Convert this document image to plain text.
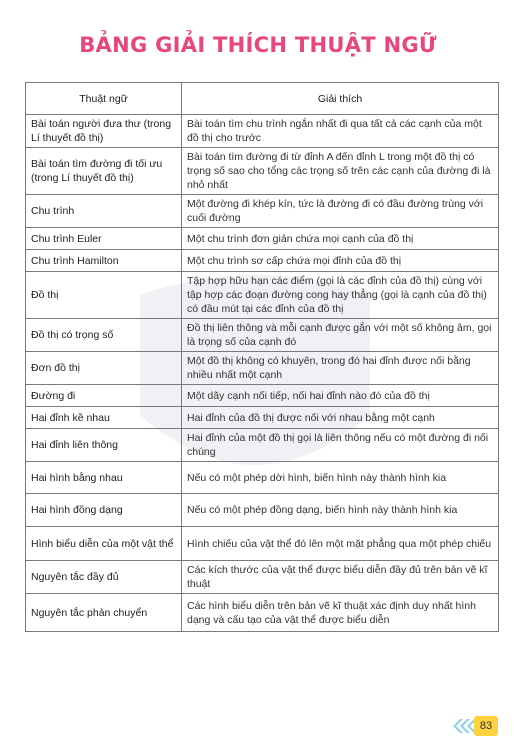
BẢNG GIẢI THÍCH THUẬT NGỮ
Thuật ngữ	Giải thích
Bài toán người đưa thư (trong Lí thuyết đồ thị)	Bài toán tìm chu trình ngắn nhất đi qua tất cả các cạnh của một đồ thị cho trước
Bài toán tìm đường đi tối ưu (trong Lí thuyết đồ thị)	Bài toán tìm đường đi từ đỉnh A đến đỉnh L trong một đồ thị có trọng số sao cho tổng các trọng số trên các cạnh của đường đi là nhỏ nhất
Chu trình	Một đường đi khép kín, tức là đường đi có đầu đường trùng với cuối đường
Chu trình Euler	Một chu trình đơn giản chứa mọi cạnh của đồ thị
Chu trình Hamilton	Một chu trình sơ cấp chứa mọi đỉnh của đồ thị
Đồ thị	Tập hợp hữu hạn các điểm (gọi là các đỉnh của đồ thị) cùng với tập hợp các đoạn đường cong hay thẳng (gọi là cạnh của đồ thị) có đầu mút tại các đỉnh của đồ thị
Đồ thị có trọng số	Đồ thị liên thông và mỗi cạnh được gắn với một số không âm, gọi là trọng số của cạnh đó
Đơn đồ thị	Một đồ thị không có khuyên, trong đó hai đỉnh được nối bằng nhiều nhất một cạnh
Đường đi	Một dãy cạnh nối tiếp, nối hai đỉnh nào đó của đồ thị
Hai đỉnh kề nhau	Hai đỉnh của đồ thị được nối với nhau bằng một cạnh
Hai đỉnh liên thông	Hai đỉnh của một đồ thị gọi là liên thông nếu có một đường đi nối chúng
Hai hình bằng nhau	Nếu có một phép dời hình, biến hình này thành hình kia
Hai hình đồng dạng	Nếu có một phép đồng dạng, biến hình này thành hình kia
Hình biểu diễn của một vật thể	Hình chiếu của vật thể đó lên một mặt phẳng qua một phép chiếu
Nguyên tắc đầy đủ	Các kích thước của vật thể được biểu diễn đầy đủ trên bản vẽ kĩ thuật
Nguyên tắc phản chuyển	Các hình biểu diễn trên bản vẽ kĩ thuật xác định duy nhất hình dạng và cấu tạo của vật thể được biểu diễn
83
